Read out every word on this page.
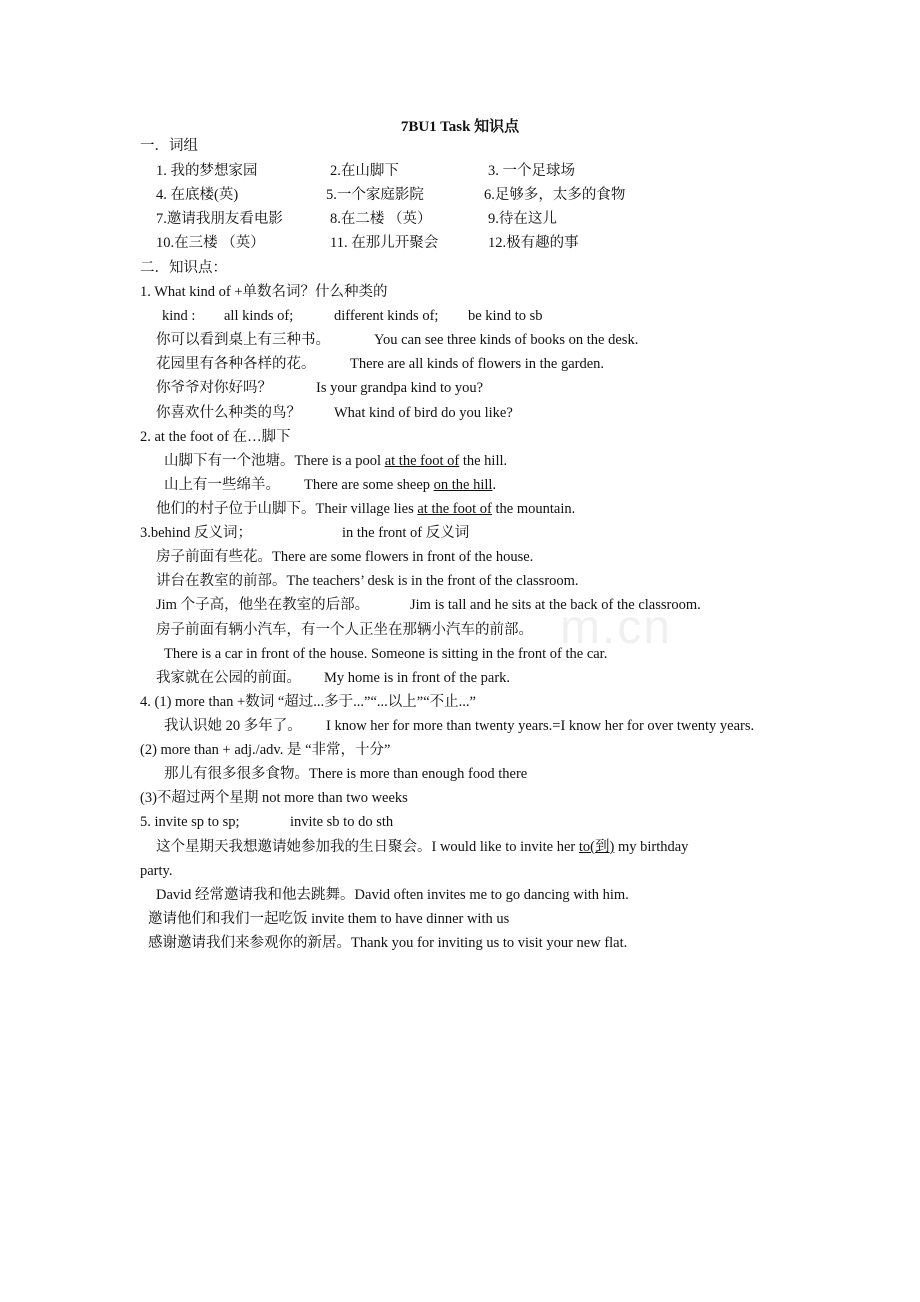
m.cn
7BU1 Task 知识点
一．词组
1. 我的梦想家园	2.在山脚下	3. 一个足球场
4. 在底楼(英)	5.一个家庭影院	6.足够多，太多的食物
7.邀请我朋友看电影	8.在二楼 （英）	9.待在这儿
10.在三楼 （英）	11. 在那儿开聚会	12.极有趣的事
二．知识点：
1. What kind of +单数名词？什么种类的
kind : all kinds of;	different kinds of; be kind to sb
你可以看到桌上有三种书。	You can see three kinds of books on the desk.
花园里有各种各样的花。 There are all kinds of flowers in the garden.
你爷爷对你好吗？	Is your grandpa kind to you?
你喜欢什么种类的鸟？ What kind of bird do you like?
2. at the foot of 在…脚下
山脚下有一个池塘。There is a pool at the foot of the hill.
山上有一些绵羊。 There are some sheep on the hill.
他们的村子位于山脚下。Their village lies at the foot of the mountain.
3.behind 反义词；	in the front of 反义词
房子前面有些花。There are some flowers in front of the house.
讲台在教室的前部。The teachers’ desk is in the front of the classroom.
Jim 个子高，他坐在教室的后部。	Jim is tall and he sits at the back of the classroom.
房子前面有辆小汽车，有一个人正坐在那辆小汽车的前部。
There is a car in front of the house. Someone is sitting in the front of the car.
我家就在公园的前面。 My home is in front of the park.
4. (1) more than +数词 “超过...多于...”“...以上”“不止...”
我认识她 20 多年了。 I know her for more than twenty years.=I know her for over twenty years.
(2) more than + adj./adv. 是 “非常，十分”
那儿有很多很多食物。There is more than enough food there
(3)不超过两个星期 not more than two weeks
5. invite sp to sp;	invite sb to do sth
这个星期天我想邀请她参加我的生日聚会。I would like to invite her to(到) my birthday
party.
David 经常邀请我和他去跳舞。David often invites me to go dancing with him.
邀请他们和我们一起吃饭 invite them to have dinner with us
感谢邀请我们来参观你的新居。Thank you for inviting us to visit your new flat.
